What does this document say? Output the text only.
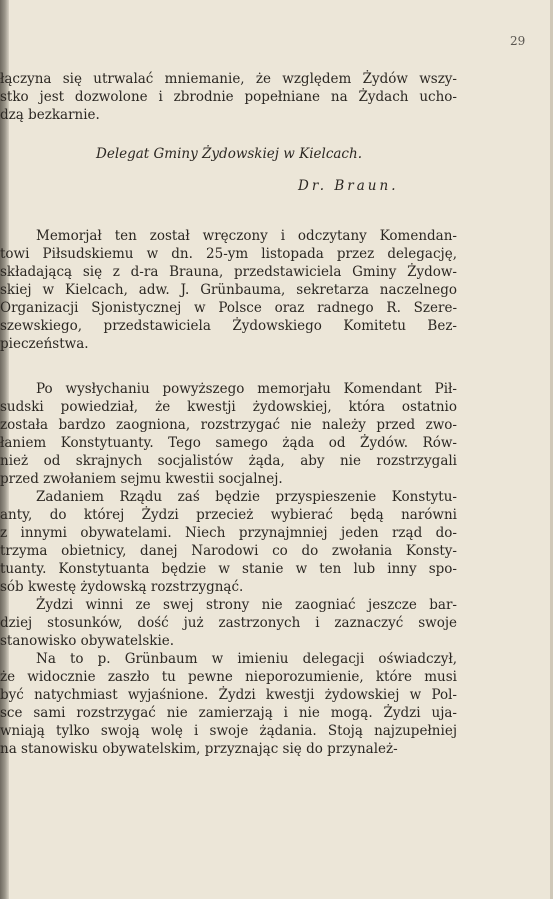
29
łączyna się utrwalać mniemanie, że względem Żydów wszy-
stko jest dozwolone i zbrodnie popełniane na Żydach ucho-
dzą bezkarnie.
Delegat Gminy Żydowskiej w Kielcach.
Dr. Braun.
Memorjał ten został wręczony i odczytany Komendan-
towi Piłsudskiemu w dn. 25-ym listopada przez delegację,
składającą się z d-ra Brauna, przedstawiciela Gminy Żydow-
skiej w Kielcach, adw. J. Grünbauma, sekretarza naczelnego
Organizacji Sjonistycznej w Polsce oraz radnego R. Szere-
szewskiego, przedstawiciela Żydowskiego Komitetu Bez-
pieczeństwa.
Po wysłychaniu powyższego memorjału Komendant Pił-
sudski powiedział, że kwestji żydowskiej, która ostatnio
została bardzo zaogniona, rozstrzygać nie należy przed zwo-
łaniem Konstytuanty. Tego samego żąda od Żydów. Rów-
nież od skrajnych socjalistów żąda, aby nie rozstrzygali
przed zwołaniem sejmu kwestii socjalnej.
Zadaniem Rządu zaś będzie przyspieszenie Konstytu-
anty, do której Żydzi przecież wybierać będą narówni
z innymi obywatelami. Niech przynajmniej jeden rząd do-
trzyma obietnicy, danej Narodowi co do zwołania Konsty-
tuanty. Konstytuanta będzie w stanie w ten lub inny spo-
sób kwestę żydowską rozstrzygnąć.
Żydzi winni ze swej strony nie zaogniać jeszcze bar-
dziej stosunków, dość już zastrzonych i zaznaczyć swoje
stanowisko obywatelskie.
Na to p. Grünbaum w imieniu delegacji oświadczył,
że widocznie zaszło tu pewne nieporozumienie, które musi
być natychmiast wyjaśnione. Żydzi kwestji żydowskiej w Pol-
sce sami rozstrzygać nie zamierzają i nie mogą. Żydzi uja-
wniają tylko swoją wolę i swoje żądania. Stoją najzupełniej
na stanowisku obywatelskim, przyznając się do przynależ-
